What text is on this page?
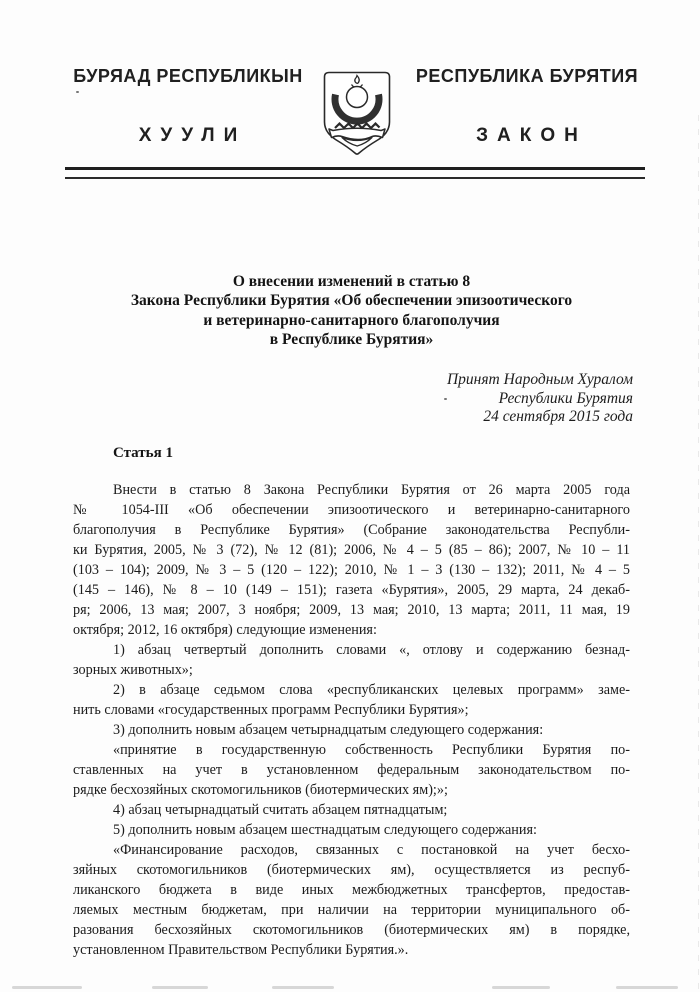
БУРЯАД РЕСПУБЛИКЫН
ХУУЛИ
РЕСПУБЛИКА БУРЯТИЯ
ЗАКОН
О внесении изменений в статью 8
Закона Республики Бурятия «Об обеспечении эпизоотического
и ветеринарно-санитарного благополучия
в Республике Бурятия»
Принят Народным Хуралом
Республики Бурятия
24 сентября 2015 года
Статья 1
Внести в статью 8 Закона Республики Бурятия от 26 марта 2005 года
№ 1054-III «Об обеспечении эпизоотического и ветеринарно-санитарного
благополучия в Республике Бурятия» (Собрание законодательства Республи-
ки Бурятия, 2005, № 3 (72), № 12 (81); 2006, № 4 – 5 (85 – 86); 2007, № 10 – 11
(103 – 104); 2009, № 3 – 5 (120 – 122); 2010, № 1 – 3 (130 – 132); 2011, № 4 – 5
(145 – 146), № 8 – 10 (149 – 151); газета «Бурятия», 2005, 29 марта, 24 декаб-
ря; 2006, 13 мая; 2007, 3 ноября; 2009, 13 мая; 2010, 13 марта; 2011, 11 мая, 19
октября; 2012, 16 октября) следующие изменения:
1) абзац четвертый дополнить словами «, отлову и содержанию безнад-
зорных животных»;
2) в абзаце седьмом слова «республиканских целевых программ» заме-
нить словами «государственных программ Республики Бурятия»;
3) дополнить новым абзацем четырнадцатым следующего содержания:
«принятие в государственную собственность Республики Бурятия по-
ставленных на учет в установленном федеральным законодательством по-
рядке бесхозяйных скотомогильников (биотермических ям);»;
4) абзац четырнадцатый считать абзацем пятнадцатым;
5) дополнить новым абзацем шестнадцатым следующего содержания:
«Финансирование расходов, связанных с постановкой на учет бесхо-
зяйных скотомогильников (биотермических ям), осуществляется из респуб-
ликанского бюджета в виде иных межбюджетных трансфертов, предостав-
ляемых местным бюджетам, при наличии на территории муниципального об-
разования бесхозяйных скотомогильников (биотермических ям) в порядке,
установленном Правительством Республики Бурятия.».
